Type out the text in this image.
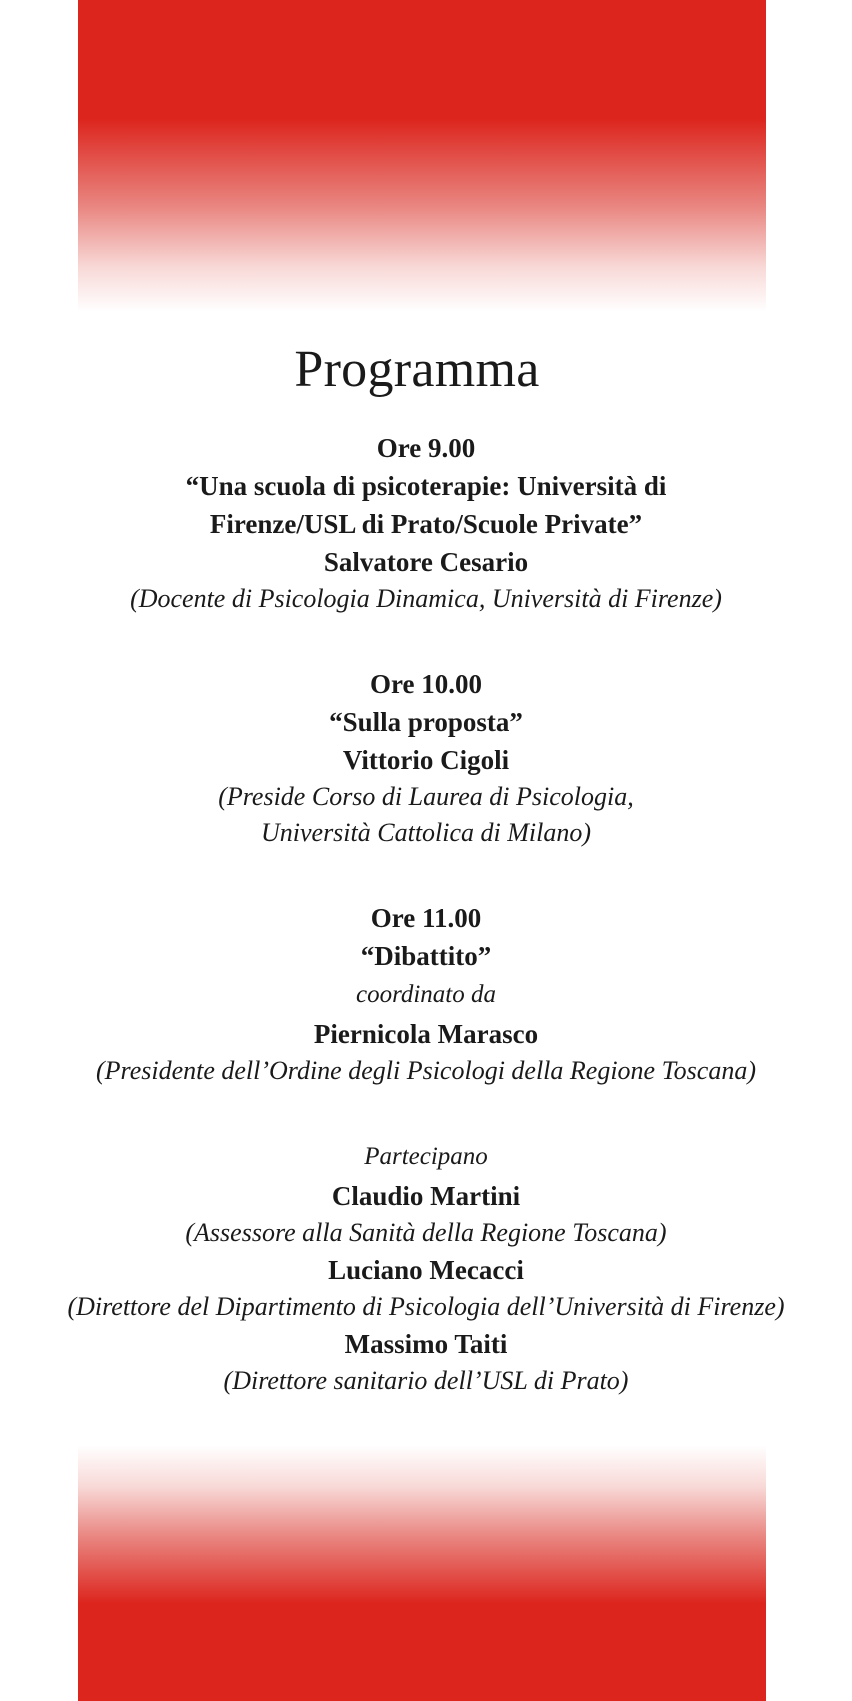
Programma
Ore 9.00
“Una scuola di psicoterapie: Università di
Firenze/USL di Prato/Scuole Private”
Salvatore Cesario
(Docente di Psicologia Dinamica, Università di Firenze)
Ore 10.00
“Sulla proposta”
Vittorio Cigoli
(Preside Corso di Laurea di Psicologia,
Università Cattolica di Milano)
Ore 11.00
“Dibattito”
coordinato da
Piernicola Marasco
(Presidente dell’Ordine degli Psicologi della Regione Toscana)
Partecipano
Claudio Martini
(Assessore alla Sanità della Regione Toscana)
Luciano Mecacci
(Direttore del Dipartimento di Psicologia dell’Università di Firenze)
Massimo Taiti
(Direttore sanitario dell’USL di Prato)
